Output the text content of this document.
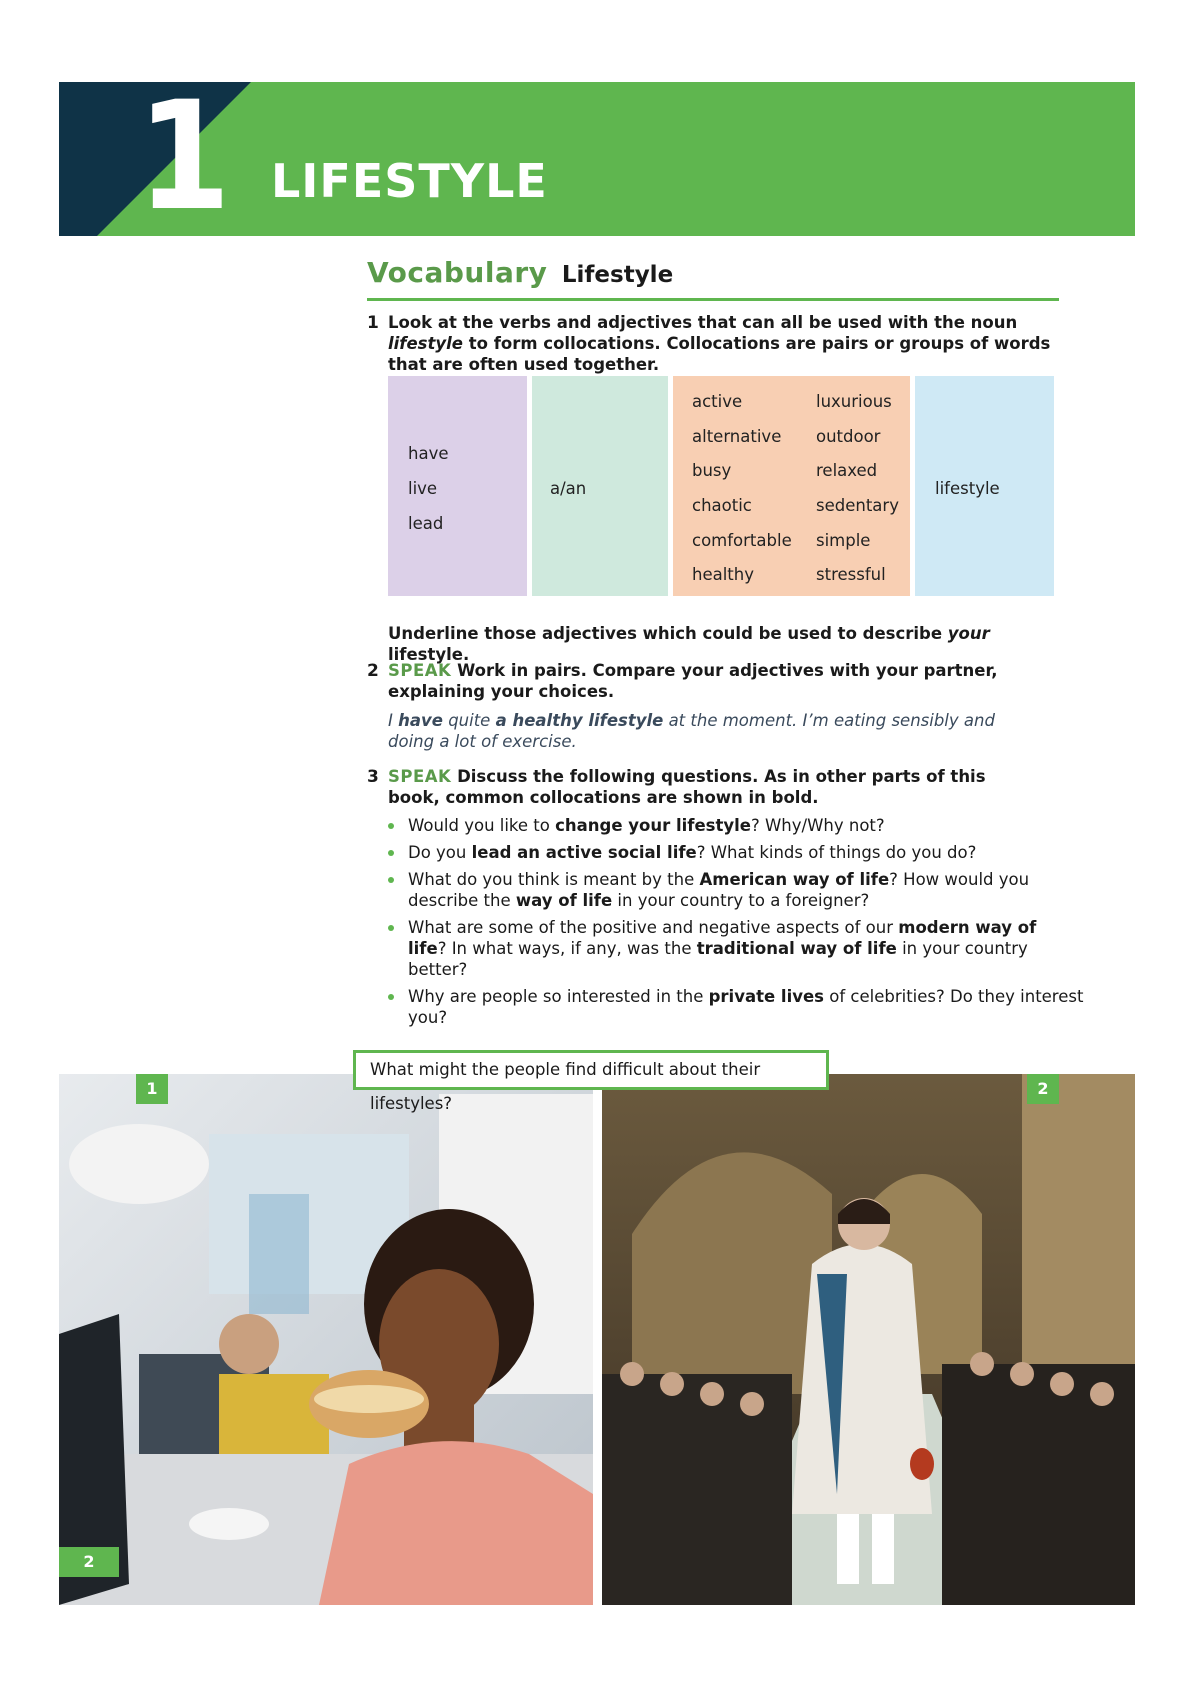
1 LIFESTYLE
Vocabulary Lifestyle
1 Look at the verbs and adjectives that can all be used with the noun lifestyle to form collocations. Collocations are pairs or groups of words that are often used together.
have
live
lead
a/an
active
alternative
busy
chaotic
comfortable
healthy
luxurious
outdoor
relaxed
sedentary
simple
stressful
lifestyle
Underline those adjectives which could be used to describe your lifestyle.
2 SPEAK Work in pairs. Compare your adjectives with your partner, explaining your choices.
I have quite a healthy lifestyle at the moment. I’m eating sensibly and doing a lot of exercise.
3 SPEAK Discuss the following questions. As in other parts of this book, common collocations are shown in bold.
Would you like to change your lifestyle? Why/Why not?
Do you lead an active social life? What kinds of things do you do?
What do you think is meant by the American way of life? How would you describe the way of life in your country to a foreigner?
What are some of the positive and negative aspects of our modern way of life? In what ways, if any, was the traditional way of life in your country better?
Why are people so interested in the private lives of celebrities? Do they interest you?
1
2
2
What might the people find difficult about their lifestyles?
